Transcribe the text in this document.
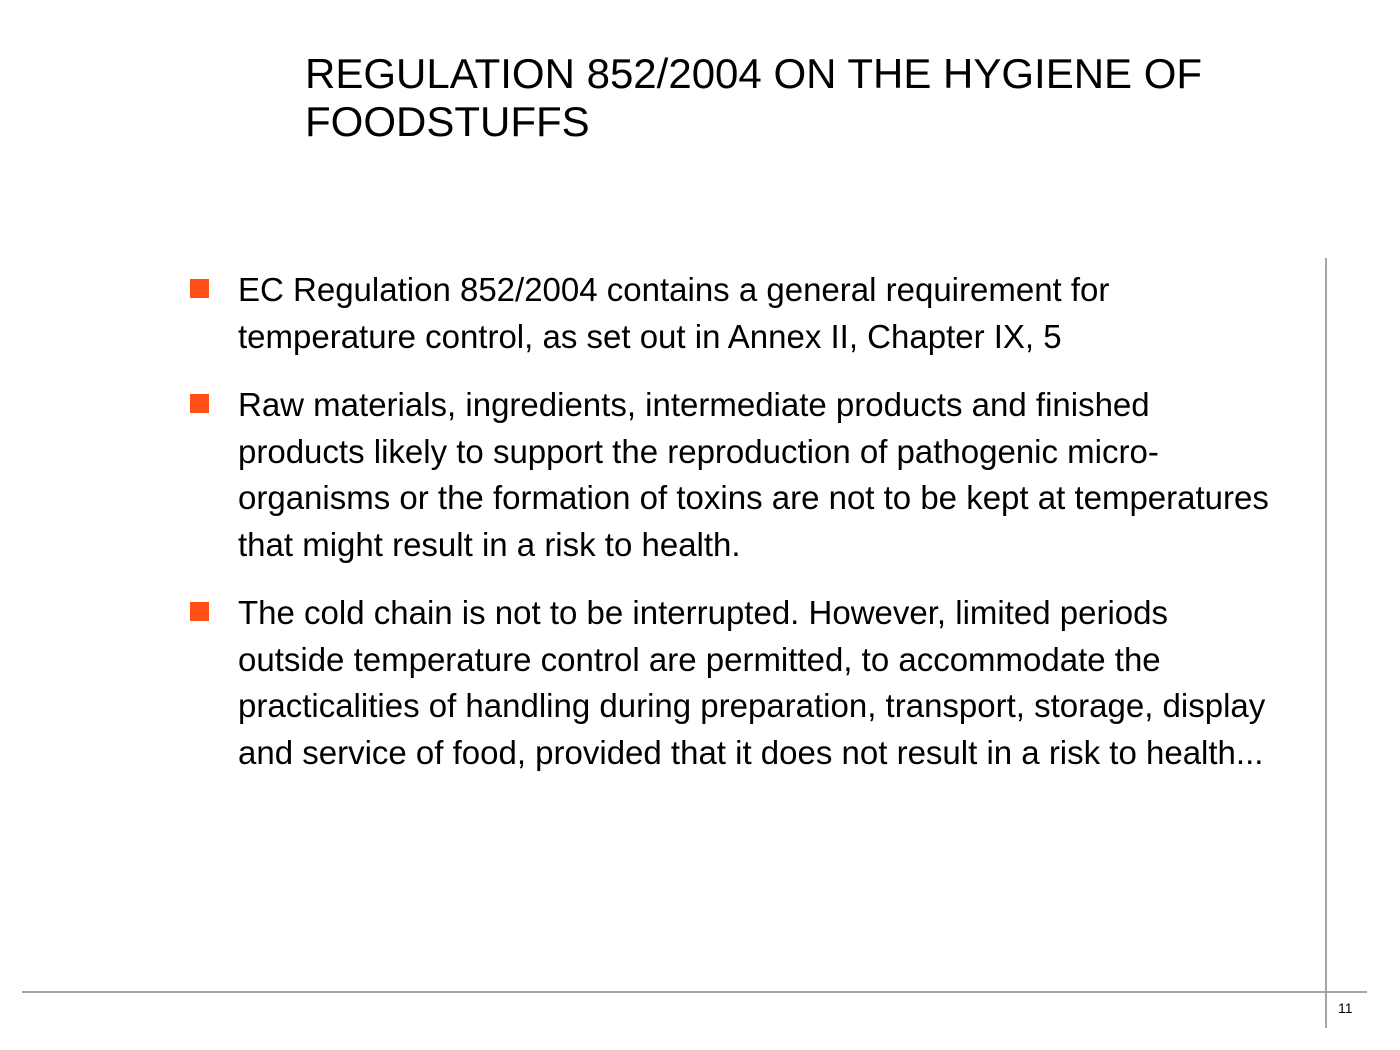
REGULATION 852/2004 ON THE HYGIENE OF FOODSTUFFS
EC Regulation 852/2004 contains a general requirement for temperature control, as set out in Annex II, Chapter IX, 5
Raw materials, ingredients, intermediate products and finished products likely to support the reproduction of pathogenic micro-organisms or the formation of toxins are not to be kept at temperatures that might result in a risk to health.
The cold chain is not to be interrupted. However, limited periods outside temperature control are permitted, to accommodate the practicalities of handling during preparation, transport, storage, display and service of food, provided that it does not result in a risk to health...
11
